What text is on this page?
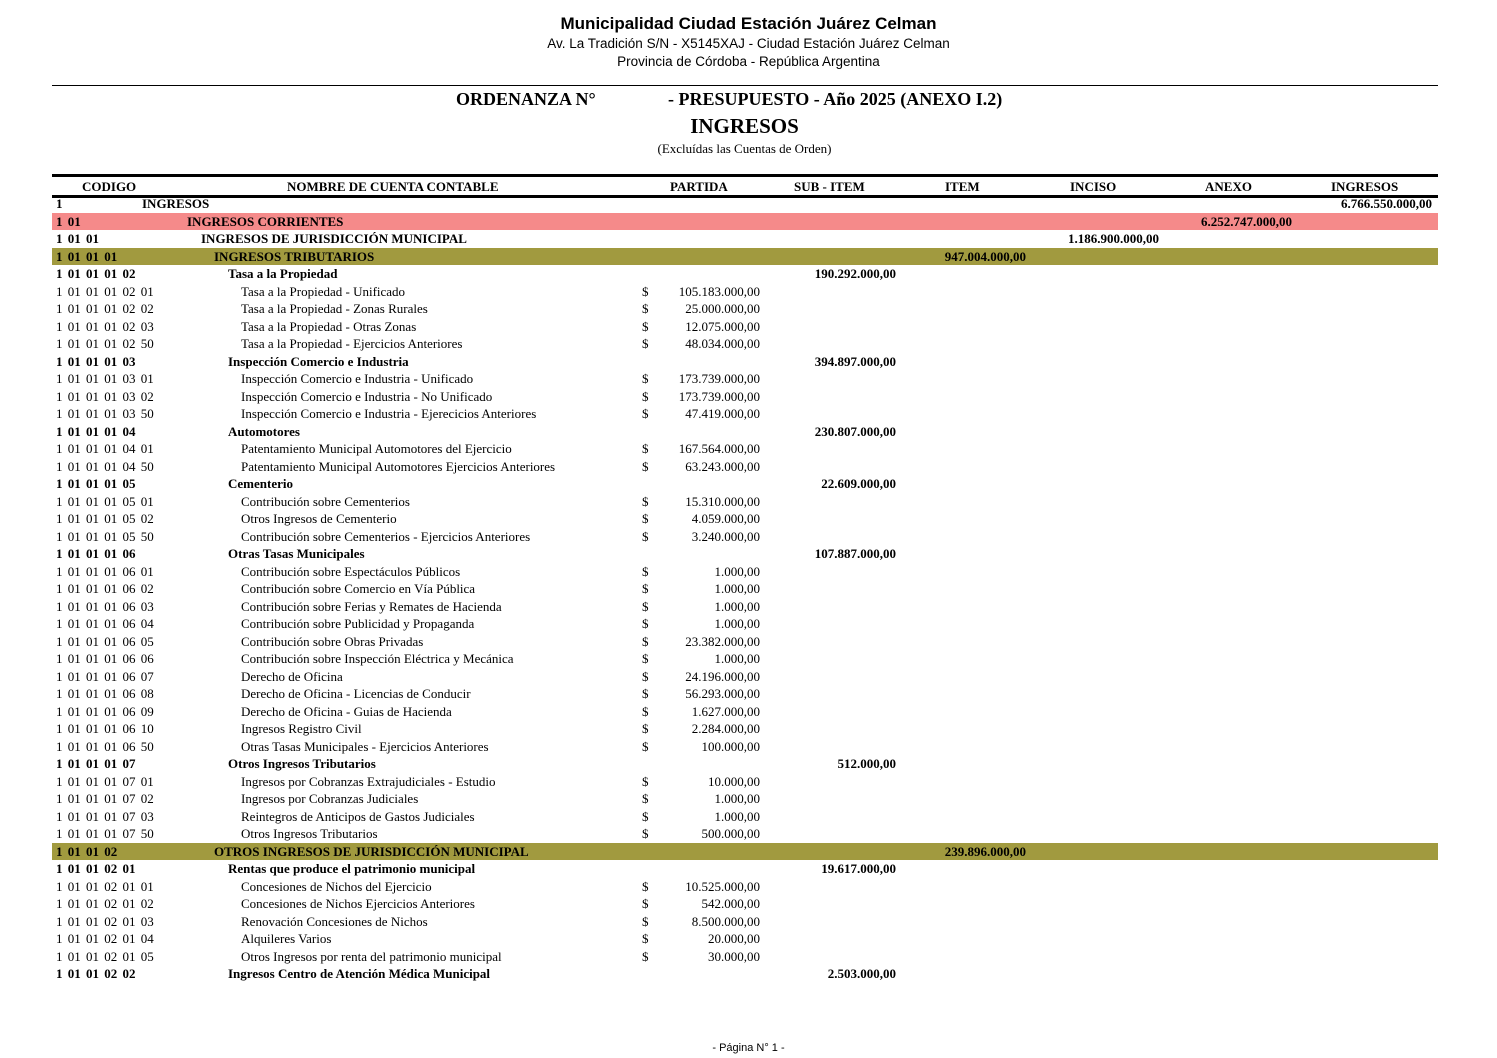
Municipalidad Ciudad Estación Juárez Celman
Av. La Tradición S/N - X5145XAJ - Ciudad Estación Juárez Celman
Provincia de Córdoba - República Argentina
ORDENANZA N°	- PRESUPUESTO - Año 2025 (ANEXO I.2)
INGRESOS
(Excluídas las Cuentas de Orden)
CODIGO	NOMBRE DE CUENTA CONTABLE	PARTIDA	SUB - ITEM	ITEM	INCISO	ANEXO	INGRESOS
1	INGRESOS	6.766.550.000,00
1 01	INGRESOS CORRIENTES	6.252.747.000,00
1 01 01	INGRESOS DE JURISDICCIÓN MUNICIPAL	1.186.900.000,00
1 01 01 01	INGRESOS TRIBUTARIOS	947.004.000,00
1 01 01 01 02	Tasa a la Propiedad	190.292.000,00
1 01 01 01 02 01	Tasa a la Propiedad - Unificado	$ 105.183.000,00
1 01 01 01 02 02	Tasa a la Propiedad - Zonas Rurales	$	25.000.000,00
1 01 01 01 02 03	Tasa a la Propiedad - Otras Zonas	$	12.075.000,00
1 01 01 01 02 50	Tasa a la Propiedad - Ejercicios Anteriores	$	48.034.000,00
1 01 01 01 03	Inspección Comercio e Industria	394.897.000,00
1 01 01 01 03 01	Inspección Comercio e Industria - Unificado	$ 173.739.000,00
1 01 01 01 03 02	Inspección Comercio e Industria - No Unificado	$ 173.739.000,00
1 01 01 01 03 50	Inspección Comercio e Industria - Ejerecicios Anteriores	$	47.419.000,00
1 01 01 01 04	Automotores	230.807.000,00
1 01 01 01 04 01	Patentamiento Municipal Automotores del Ejercicio	$ 167.564.000,00
1 01 01 01 04 50	Patentamiento Municipal Automotores Ejercicios Anteriores	$	63.243.000,00
1 01 01 01 05	Cementerio	22.609.000,00
1 01 01 01 05 01	Contribución sobre Cementerios	$	15.310.000,00
1 01 01 01 05 02	Otros Ingresos de Cementerio	$	4.059.000,00
1 01 01 01 05 50	Contribución sobre Cementerios - Ejercicios Anteriores	$	3.240.000,00
1 01 01 01 06	Otras Tasas Municipales	107.887.000,00
1 01 01 01 06 01	Contribución sobre Espectáculos Públicos	$	1.000,00
1 01 01 01 06 02	Contribución sobre Comercio en Vía Pública	$	1.000,00
1 01 01 01 06 03	Contribución sobre Ferias y Remates de Hacienda	$	1.000,00
1 01 01 01 06 04	Contribución sobre Publicidad y Propaganda	$	1.000,00
1 01 01 01 06 05	Contribución sobre Obras Privadas	$	23.382.000,00
1 01 01 01 06 06	Contribución sobre Inspección Eléctrica y Mecánica	$	1.000,00
1 01 01 01 06 07	Derecho de Oficina	$	24.196.000,00
1 01 01 01 06 08	Derecho de Oficina - Licencias de Conducir	$	56.293.000,00
1 01 01 01 06 09	Derecho de Oficina - Guias de Hacienda	$	1.627.000,00
1 01 01 01 06 10	Ingresos Registro Civil	$	2.284.000,00
1 01 01 01 06 50	Otras Tasas Municipales - Ejercicios Anteriores	$	100.000,00
1 01 01 01 07	Otros Ingresos Tributarios	512.000,00
1 01 01 01 07 01	Ingresos por Cobranzas Extrajudiciales - Estudio	$	10.000,00
1 01 01 01 07 02	Ingresos por Cobranzas Judiciales	$	1.000,00
1 01 01 01 07 03	Reintegros de Anticipos de Gastos Judiciales	$	1.000,00
1 01 01 01 07 50	Otros Ingresos Tributarios	$	500.000,00
1 01 01 02	OTROS INGRESOS DE JURISDICCIÓN MUNICIPAL	239.896.000,00
1 01 01 02 01	Rentas que produce el patrimonio municipal	19.617.000,00
1 01 01 02 01 01	Concesiones de Nichos del Ejercicio	$	10.525.000,00
1 01 01 02 01 02	Concesiones de Nichos Ejercicios Anteriores	$	542.000,00
1 01 01 02 01 03	Renovación Concesiones de Nichos	$	8.500.000,00
1 01 01 02 01 04	Alquileres Varios	$	20.000,00
1 01 01 02 01 05	Otros Ingresos por renta del patrimonio municipal	$	30.000,00
1 01 01 02 02	Ingresos Centro de Atención Médica Municipal	2.503.000,00
- Página N° 1 -
